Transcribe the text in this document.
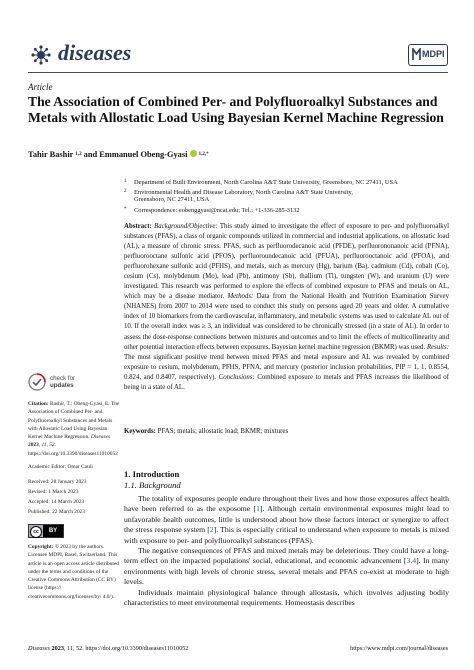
diseases	MDPI
Article
The Association of Combined Per- and Polyfluoroalkyl Substances and Metals with Allostatic Load Using Bayesian Kernel Machine Regression
Tahir Bashir $^{1,2}$ and Emmanuel Obeng-Gyasi $^{1,2,*}$
1 Department of Built Environment, North Carolina A&T State University, Greensboro, NC 27411, USA
2 Environmental Health and Disease Laboratory, North Carolina A&T State University,
Greensboro, NC 27411, USA
* Correspondence: eobenggyasi@ncat.edu; Tel.: +1-336-285-3132
Abstract: Background/Objective: This study aimed to investigate the effect of exposure to per- and polyfluoroalkyl substances (PFAS), a class of organic compounds utilized in commercial and industrial applications, on allostatic load (AL), a measure of chronic stress. PFAS, such as perfluorodecanoic acid (PFDE), perfluorononanoic acid (PFNA), perfluorooctane sulfonic acid (PFOS), perfluoroundecanoic acid (PFUA), perfluorooctanoic acid (PFOA), and perfluorohexane sulfonic acid (PFHS), and metals, such as mercury (Hg), barium (Ba), cadmium (Cd), cobalt (Co), cesium (Cs), molybdenum (Mo), lead (Pb), antimony (Sb), thallium (Tl), tungsten (W), and uranium (U) were investigated. This research was performed to explore the effects of combined exposure to PFAS and metals on AL, which may be a disease mediator. Methods: Data from the National Health and Nutrition Examination Survey (NHANES) from 2007 to 2014 were used to conduct this study on persons aged 20 years and older. A cumulative index of 10 biomarkers from the cardiovascular, inflammatory, and metabolic systems was used to calculate AL out of 10. If the overall index was ≥ 3, an individual was considered to be chronically stressed (in a state of AL). In order to assess the dose-response connections between mixtures and outcomes and to limit the effects of multicollinearity and other potential interaction effects between exposures, Bayesian kernel machine regression (BKMR) was used. Results: The most significant positive trend between mixed PFAS and metal exposure and AL was revealed by combined exposure to cesium, molybdenum, PFHS, PFNA, and mercury (posterior inclusion probabilities, PIP = 1, 1, 0.8554, 0.824, and 0.8407, respectively). Conclusions: Combined exposure to metals and PFAS increases the likelihood of being in a state of AL.
Keywords: PFAS; metals; allostatic load; BKMR; mixtures
check for
updates
Citation: Bashir, T.; Obeng-Gyasi, E. The Association of Combined Per- and Polyfluoroalkyl Substances and Metals with Allostatic Load Using Bayesian Kernel Machine Regression. Diseases 2023, 11, 52. https://doi.org/10.3390/diseases11010052
Academic Editor: Omar Cauli
Received: 28 January 2023
Revised: 1 March 2023
Accepted: 14 March 2023
Published: 22 March 2023
cc	BY
Copyright: © 2023 by the authors. Licensee MDPI, Basel, Switzerland. This article is an open access article distributed under the terms and conditions of the Creative Commons Attribution (CC BY) license (https:// creativecommons.org/licenses/by/ 4.0/).
1. Introduction
1.1. Background

The totality of exposures people endure throughout their lives and how those exposures affect health have been referred to as the exposome [1]. Although certain environmental exposures might lead to unfavorable health outcomes, little is understood about how these factors interact or synergize to affect the stress response system [2]. This is especially critical to understand when exposure to metals is mixed with exposure to per- and polyfluoroalkyl substances (PFAS).

The negative consequences of PFAS and mixed metals may be deleterious. They could have a long-term effect on the impacted populations' social, educational, and economic advancement [3,4]. In many environments with high levels of chronic stress, several metals and PFAS co-exist at moderate to high levels.

Individuals maintain physiological balance through allostasis, which involves adjusting bodily characteristics to meet environmental requirements. Homeostasis describes

Diseases 2023, 11, 52. https://doi.org/10.3390/diseases11010052	https://www.mdpi.com/journal/diseases
